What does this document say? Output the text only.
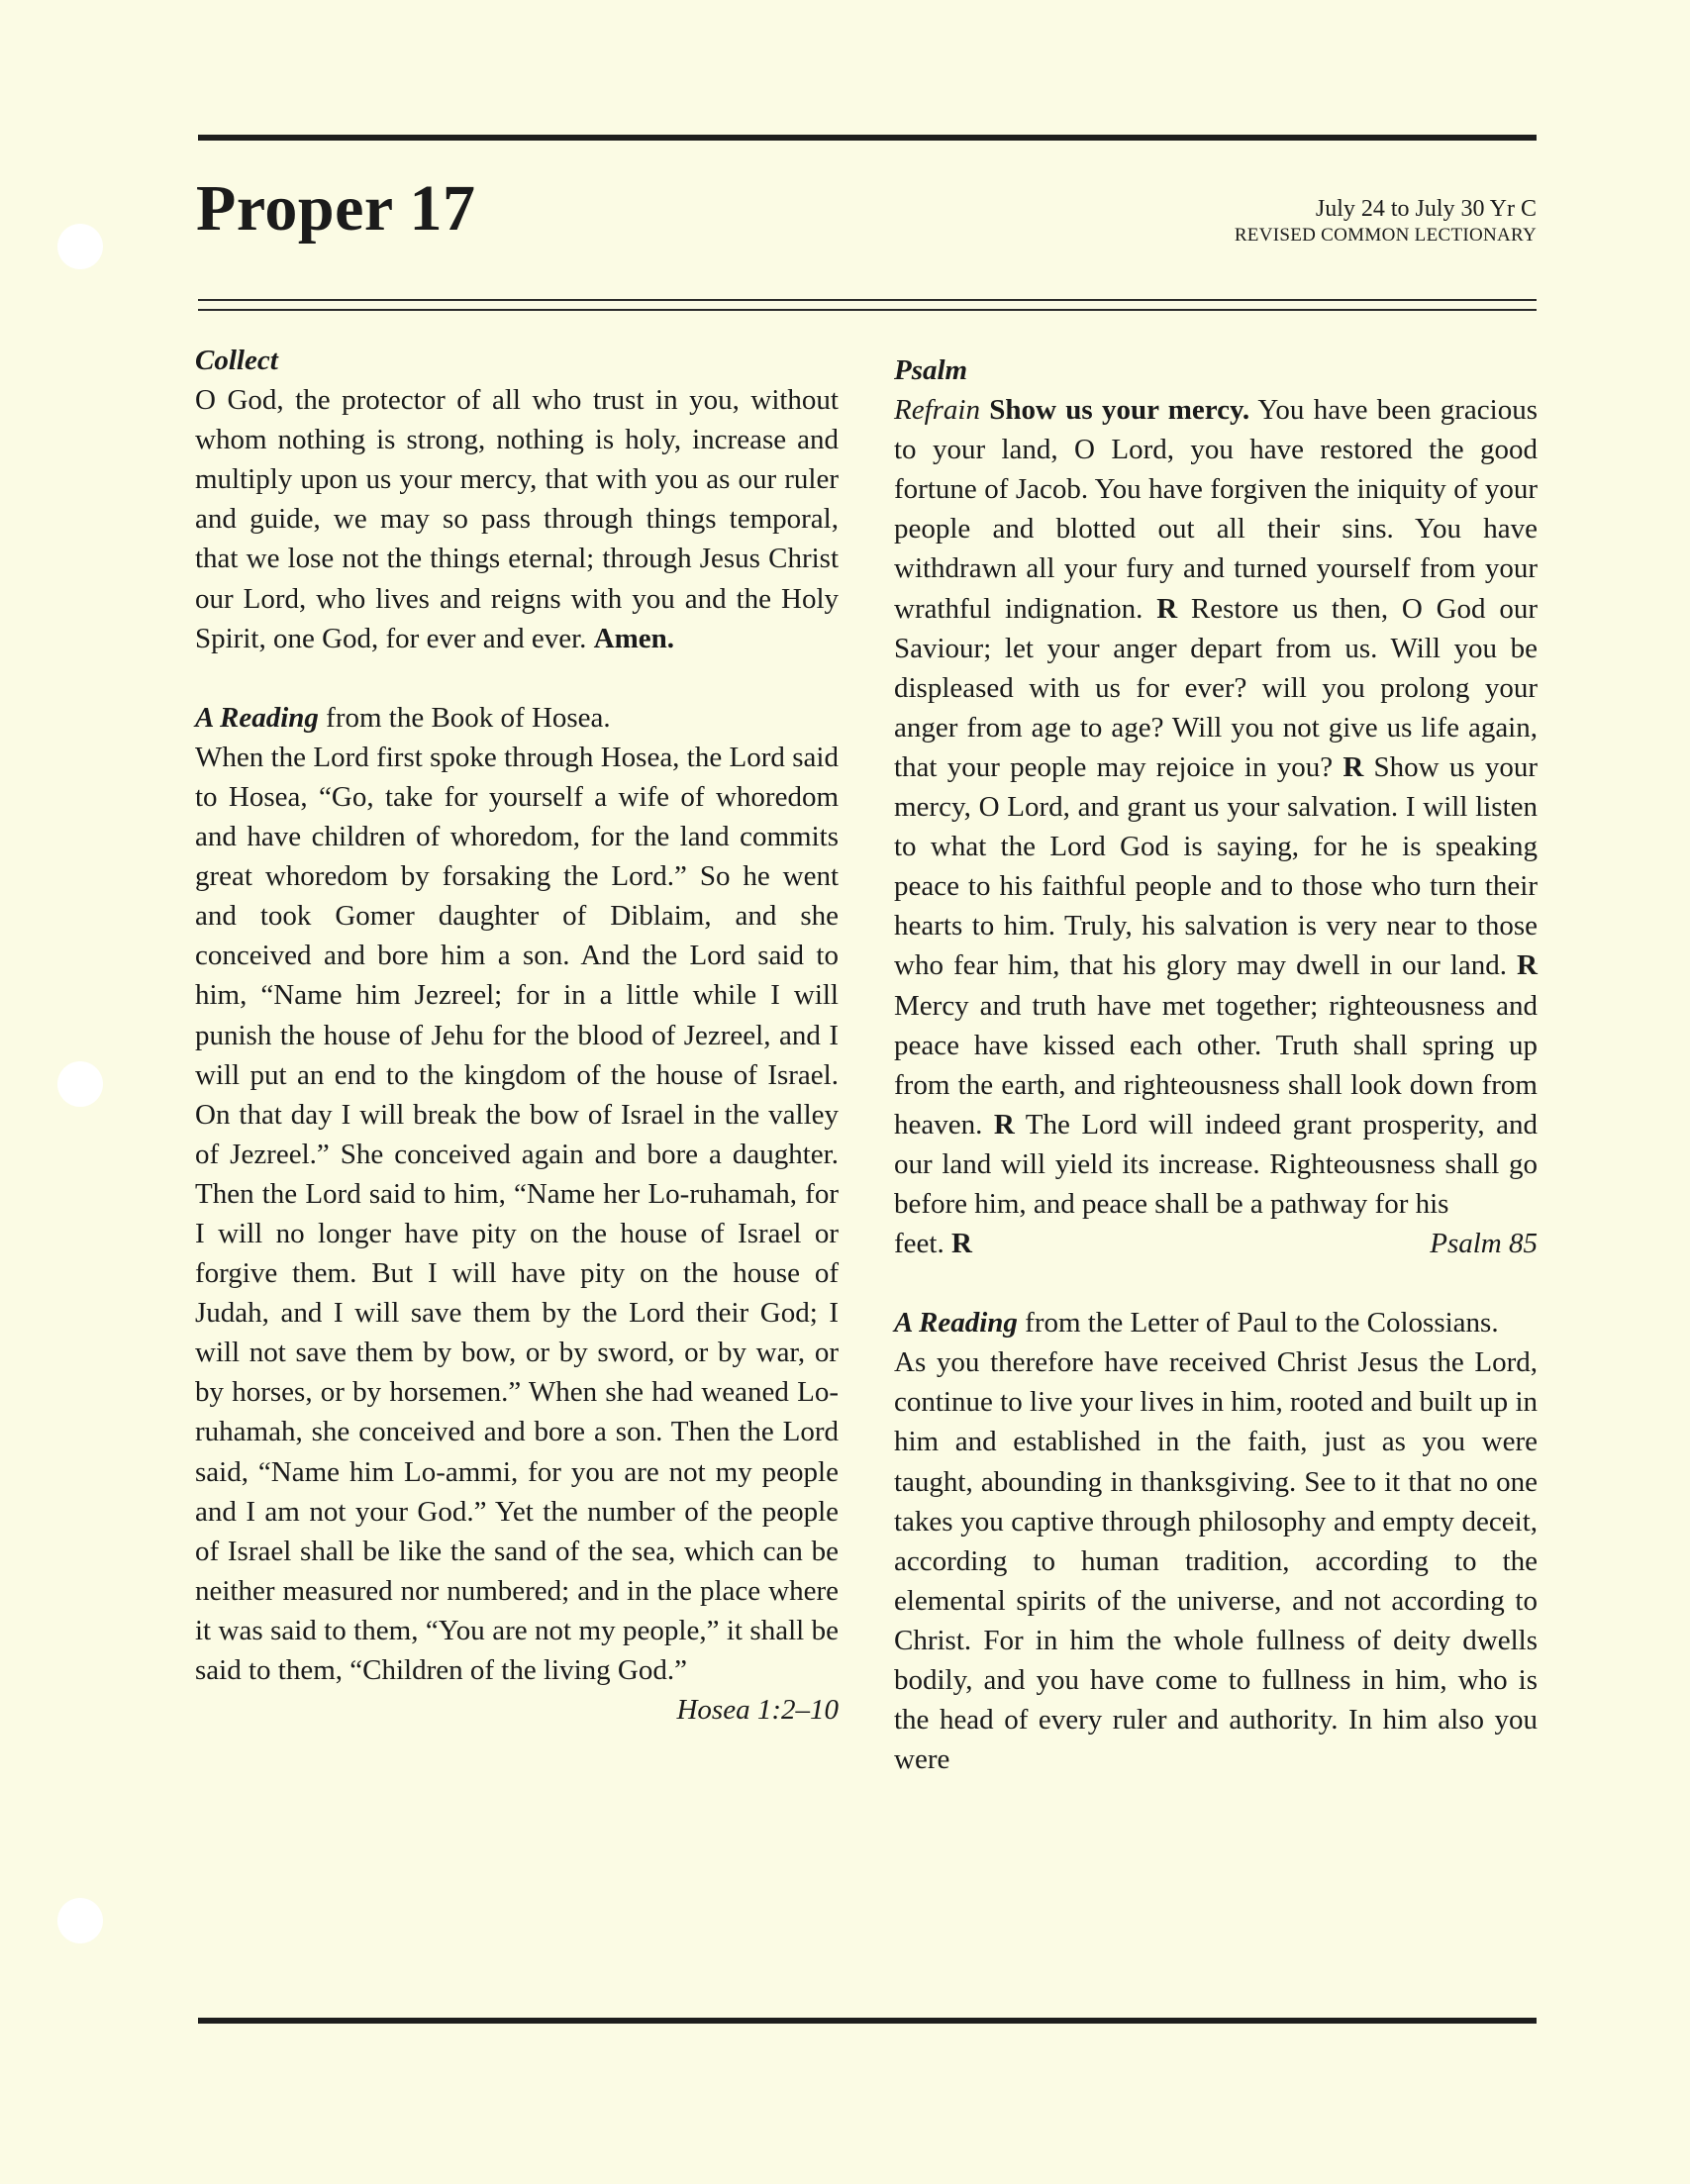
Proper 17	July 24 to July 30 Yr C
REVISED COMMON LECTIONARY

Collect

O God, the protector of all who trust in you, without whom nothing is strong, nothing is holy, increase and multiply upon us your mercy, that with you as our ruler and guide, we may so pass through things temporal, that we lose not the things eternal; through Jesus Christ our Lord, who lives and reigns with you and the Holy Spirit, one God, for ever and ever. Amen.

A Reading from the Book of Hosea.

When the Lord first spoke through Hosea, the Lord said to Hosea, “Go, take for yourself a wife of whoredom and have children of whoredom, for the land commits great whoredom by forsaking the Lord.” So he went and took Gomer daughter of Diblaim, and she conceived and bore him a son. And the Lord said to him, “Name him Jezreel; for in a little while I will punish the house of Jehu for the blood of Jezreel, and I will put an end to the kingdom of the house of Israel. On that day I will break the bow of Israel in the valley of Jezreel.” She conceived again and bore a daughter. Then the Lord said to him, “Name her Lo-ruhamah, for I will no longer have pity on the house of Israel or forgive them. But I will have pity on the house of Judah, and I will save them by the Lord their God; I will not save them by bow, or by sword, or by war, or by horses, or by horsemen.” When she had weaned Lo-ruhamah, she conceived and bore a son. Then the Lord said, “Name him Lo-ammi, for you are not my people and I am not your God.” Yet the number of the people of Israel shall be like the sand of the sea, which can be neither measured nor numbered; and in the place where it was said to them, “You are not my people,” it shall be said to them, “Children of the living God.”

Hosea 1:2–10

Psalm

Refrain Show us your mercy. You have been gracious to your land, O Lord, you have restored the good fortune of Jacob. You have forgiven the iniquity of your people and blotted out all their sins. You have withdrawn all your fury and turned yourself from your wrathful indignation. R Restore us then, O God our Saviour; let your anger depart from us. Will you be displeased with us for ever? will you prolong your anger from age to age? Will you not give us life again, that your people may rejoice in you? R Show us your mercy, O Lord, and grant us your salvation. I will listen to what the Lord God is saying, for he is speaking peace to his faithful people and to those who turn their hearts to him. Truly, his salvation is very near to those who fear him, that his glory may dwell in our land. R Mercy and truth have met together; righteousness and peace have kissed each other. Truth shall spring up from the earth, and righteousness shall look down from heaven. R The Lord will indeed grant prosperity, and our land will yield its increase. Righteousness shall go before him, and peace shall be a pathway for his

feet. R	Psalm 85

A Reading from the Letter of Paul to the Colossians.

As you therefore have received Christ Jesus the Lord, continue to live your lives in him, rooted and built up in him and established in the faith, just as you were taught, abounding in thanksgiving. See to it that no one takes you captive through philosophy and empty deceit, according to human tradition, according to the elemental spirits of the universe, and not according to Christ. For in him the whole fullness of deity dwells bodily, and you have come to fullness in him, who is the head of every ruler and authority. In him also you were
